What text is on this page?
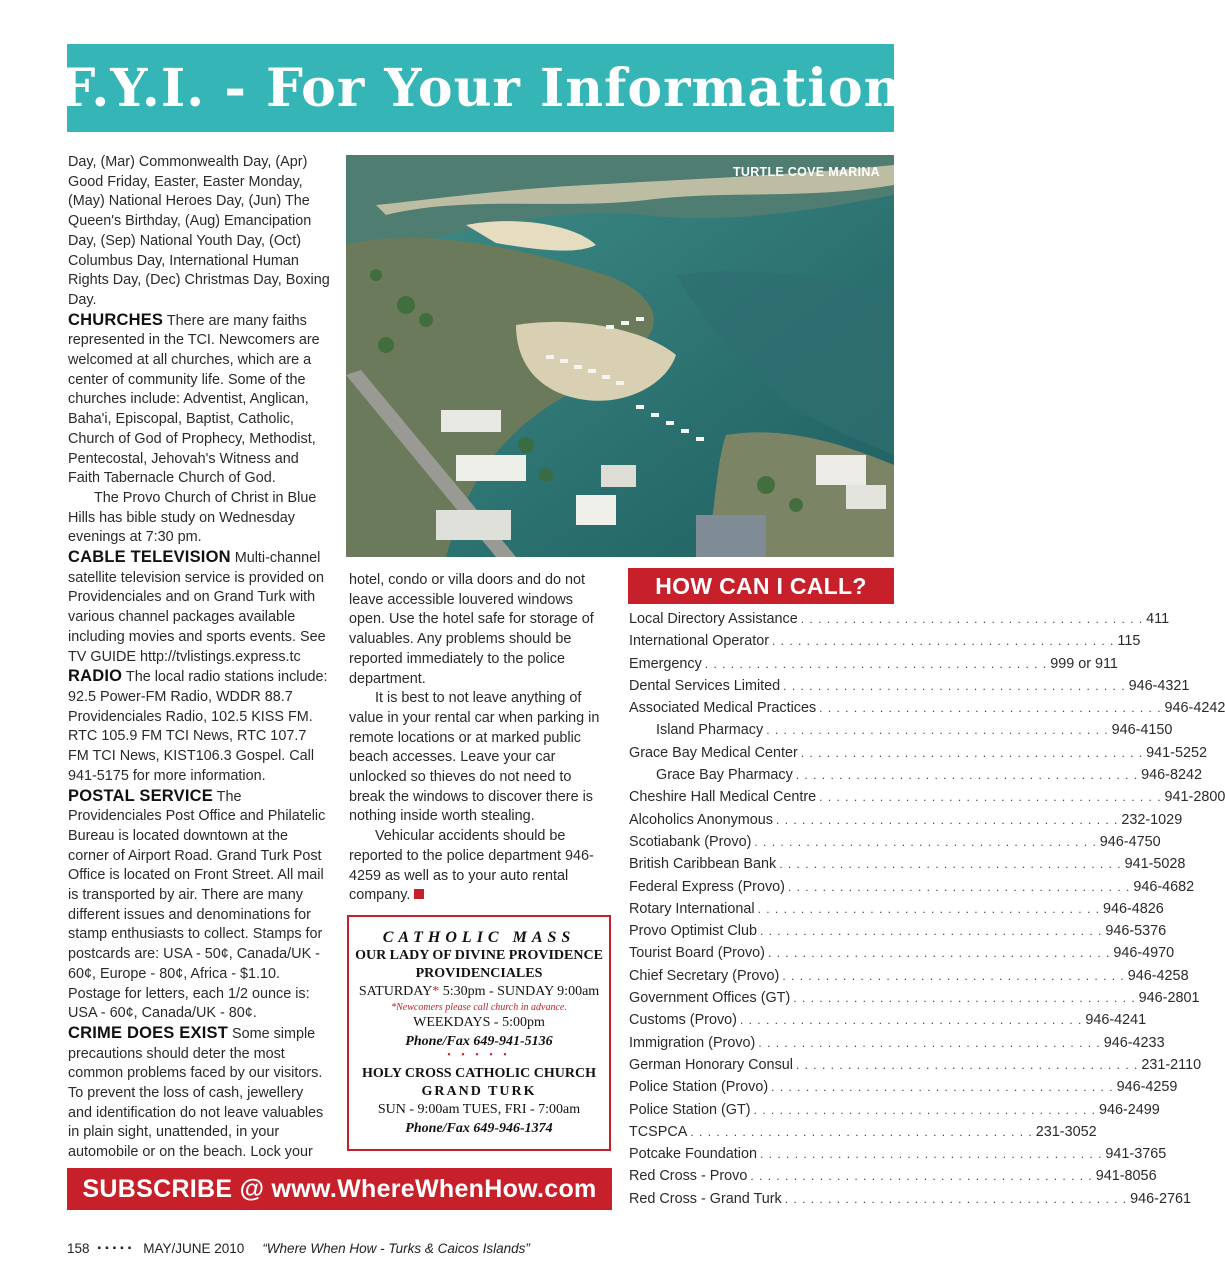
F.Y.I. - For Your Information

Day, (Mar) Commonwealth Day, (Apr) Good Friday, Easter, Easter Monday, (May) National Heroes Day, (Jun) The Queen's Birthday, (Aug) Emancipation Day, (Sep) National Youth Day, (Oct) Columbus Day, International Human Rights Day, (Dec) Christmas Day, Boxing Day.

CHURCHES There are many faiths represented in the TCI. Newcomers are welcomed at all churches, which are a center of community life. Some of the churches include: Adventist, Anglican, Baha'i, Episcopal, Baptist, Catholic, Church of God of Prophecy, Methodist, Pentecostal, Jehovah's Witness and Faith Tabernacle Church of God.

The Provo Church of Christ in Blue Hills has bible study on Wednesday evenings at 7:30 pm.

CABLE TELEVISION Multi-channel satellite television service is provided on Providenciales and on Grand Turk with various channel packages available including movies and sports events. See TV GUIDE http://tvlistings.express.tc

RADIO The local radio stations include: 92.5 Power-FM Radio, WDDR 88.7 Providenciales Radio, 102.5 KISS FM. RTC 105.9 FM TCI News, RTC 107.7 FM TCI News, KIST106.3 Gospel. Call 941-5175 for more information.

POSTAL SERVICE The Providenciales Post Office and Philatelic Bureau is located downtown at the corner of Airport Road. Grand Turk Post Office is located on Front Street. All mail is transported by air. There are many different issues and denominations for stamp enthusiasts to collect. Stamps for postcards are: USA - 50¢, Canada/UK - 60¢, Europe - 80¢, Africa - $1.10. Postage for letters, each 1/2 ounce is: USA - 60¢, Canada/UK - 80¢.

CRIME DOES EXIST Some simple precautions should deter the most common problems faced by our visitors. To prevent the loss of cash, jewellery and identification do not leave valuables in plain sight, unattended, in your automobile or on the beach. Lock your

TURTLE COVE MARINA

hotel, condo or villa doors and do not leave accessible louvered windows open. Use the hotel safe for storage of valuables. Any problems should be reported immediately to the police department.

It is best to not leave anything of value in your rental car when parking in remote locations or at marked public beach accesses. Leave your car unlocked so thieves do not need to break the windows to discover there is nothing inside worth stealing.

Vehicular accidents should be reported to the police department 946-4259 as well as to your auto rental company.

CATHOLIC MASS
OUR LADY OF DIVINE PROVIDENCE
PROVIDENCIALES
SATURDAY* 5:30pm - SUNDAY 9:00am
*Newcomers please call church in advance.
WEEKDAYS - 5:00pm
Phone/Fax 649-941-5136
• • • • •
HOLY CROSS CATHOLIC CHURCH
GRAND TURK
SUN - 9:00am TUES, FRI - 7:00am
Phone/Fax 649-946-1374
HOW CAN I CALL?
Local Directory Assistance . . . . . . . . . . . . . . . . . . . . . . . . . . . . . . . . . . . . . . . . 411
International Operator . . . . . . . . . . . . . . . . . . . . . . . . . . . . . . . . . . . . . . . . 115
Emergency . . . . . . . . . . . . . . . . . . . . . . . . . . . . . . . . . . . . . . . . 999 or 911
Dental Services Limited . . . . . . . . . . . . . . . . . . . . . . . . . . . . . . . . . . . . . . . . 946-4321
Associated Medical Practices . . . . . . . . . . . . . . . . . . . . . . . . . . . . . . . . . . . . . . . . 946-4242
Island Pharmacy . . . . . . . . . . . . . . . . . . . . . . . . . . . . . . . . . . . . . . . . 946-4150
Grace Bay Medical Center . . . . . . . . . . . . . . . . . . . . . . . . . . . . . . . . . . . . . . . . 941-5252
Grace Bay Pharmacy . . . . . . . . . . . . . . . . . . . . . . . . . . . . . . . . . . . . . . . . 946-8242
Cheshire Hall Medical Centre . . . . . . . . . . . . . . . . . . . . . . . . . . . . . . . . . . . . . . . . 941-2800
Alcoholics Anonymous . . . . . . . . . . . . . . . . . . . . . . . . . . . . . . . . . . . . . . . . 232-1029
Scotiabank (Provo) . . . . . . . . . . . . . . . . . . . . . . . . . . . . . . . . . . . . . . . . 946-4750
British Caribbean Bank . . . . . . . . . . . . . . . . . . . . . . . . . . . . . . . . . . . . . . . . 941-5028
Federal Express (Provo) . . . . . . . . . . . . . . . . . . . . . . . . . . . . . . . . . . . . . . . . 946-4682
Rotary International . . . . . . . . . . . . . . . . . . . . . . . . . . . . . . . . . . . . . . . . 946-4826
Provo Optimist Club . . . . . . . . . . . . . . . . . . . . . . . . . . . . . . . . . . . . . . . . 946-5376
Tourist Board (Provo) . . . . . . . . . . . . . . . . . . . . . . . . . . . . . . . . . . . . . . . . 946-4970
Chief Secretary (Provo) . . . . . . . . . . . . . . . . . . . . . . . . . . . . . . . . . . . . . . . . 946-4258
Government Offices (GT) . . . . . . . . . . . . . . . . . . . . . . . . . . . . . . . . . . . . . . . . 946-2801
Customs (Provo) . . . . . . . . . . . . . . . . . . . . . . . . . . . . . . . . . . . . . . . . 946-4241
Immigration (Provo) . . . . . . . . . . . . . . . . . . . . . . . . . . . . . . . . . . . . . . . . 946-4233
German Honorary Consul . . . . . . . . . . . . . . . . . . . . . . . . . . . . . . . . . . . . . . . . 231-2110
Police Station (Provo) . . . . . . . . . . . . . . . . . . . . . . . . . . . . . . . . . . . . . . . . 946-4259
Police Station (GT) . . . . . . . . . . . . . . . . . . . . . . . . . . . . . . . . . . . . . . . . 946-2499
TCSPCA . . . . . . . . . . . . . . . . . . . . . . . . . . . . . . . . . . . . . . . . 231-3052
Potcake Foundation . . . . . . . . . . . . . . . . . . . . . . . . . . . . . . . . . . . . . . . . 941-3765
Red Cross - Provo . . . . . . . . . . . . . . . . . . . . . . . . . . . . . . . . . . . . . . . . 941-8056
Red Cross - Grand Turk . . . . . . . . . . . . . . . . . . . . . . . . . . . . . . . . . . . . . . . . 946-2761
SUBSCRIBE @ www.WhereWhenHow.com
158 ▪▪▪▪▪ MAY/JUNE 2010 “Where When How - Turks & Caicos Islands”
